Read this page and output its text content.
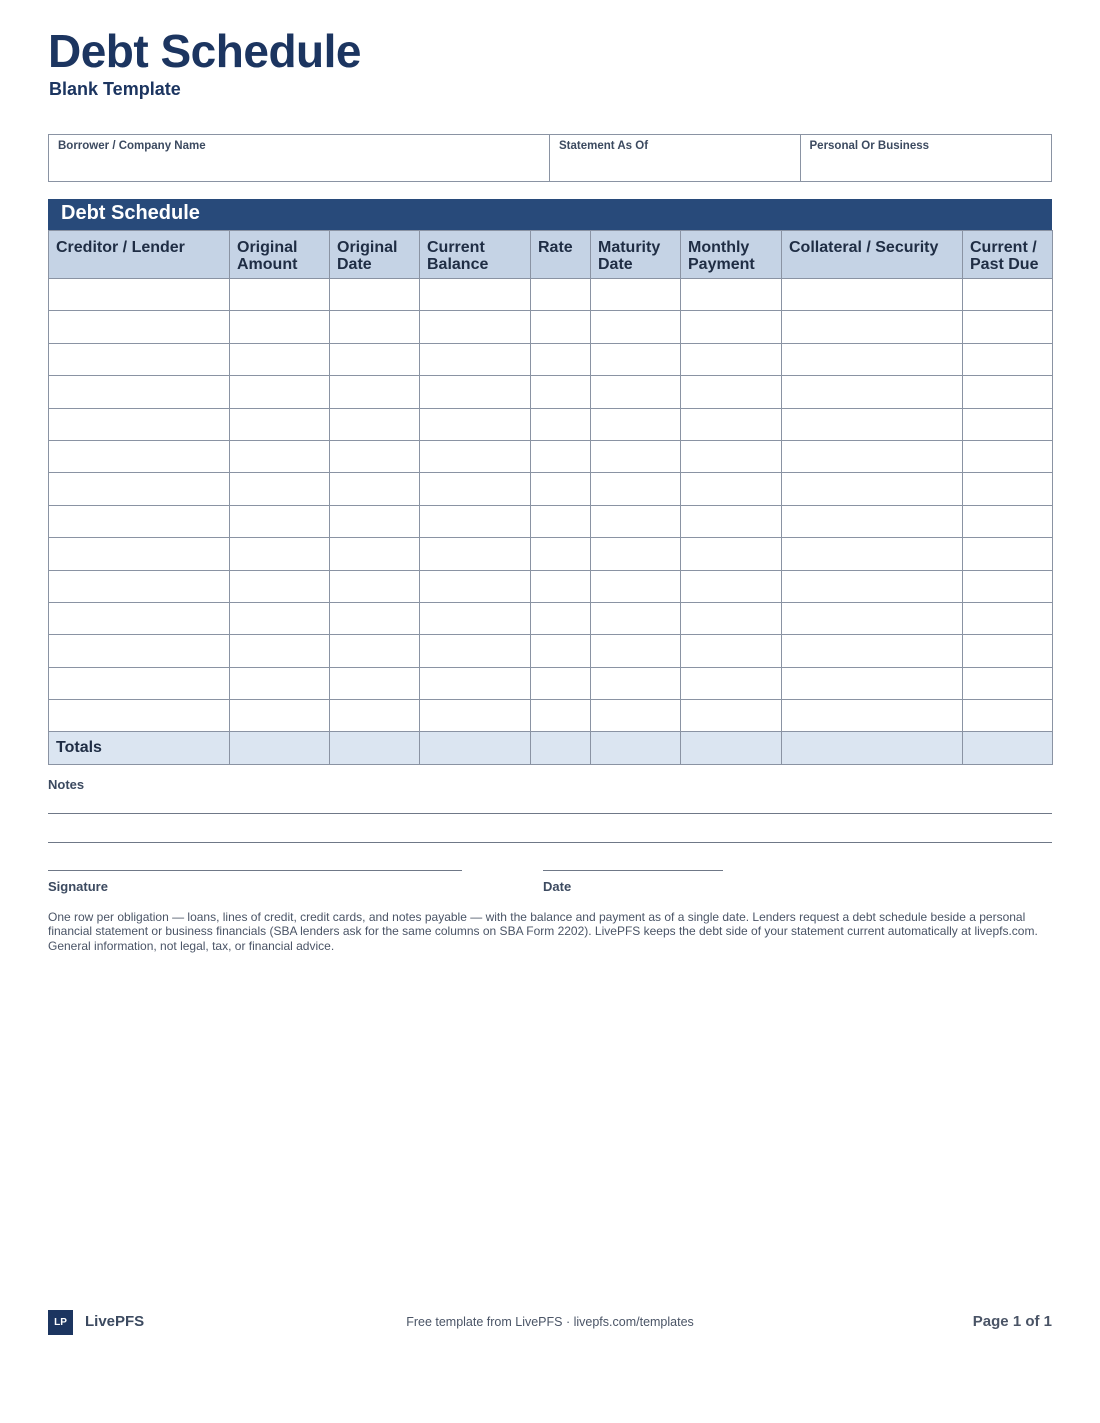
Debt Schedule
Blank Template
Borrower / Company Name	Statement As Of	Personal Or Business
Debt Schedule
Creditor / Lender	Original Amount	Original Date	Current Balance	Rate	Maturity Date	Monthly Payment	Collateral / Security	Current / Past Due

Totals								
Notes
Signature	Date
One row per obligation — loans, lines of credit, credit cards, and notes payable — with the balance and payment as of a single date. Lenders request a debt schedule beside a personal financial statement or business financials (SBA lenders ask for the same columns on SBA Form 2202). LivePFS keeps the debt side of your statement current automatically at livepfs.com. General information, not legal, tax, or financial advice.
LP	LivePFS	Free template from LivePFS · livepfs.com/templates	Page 1 of 1
